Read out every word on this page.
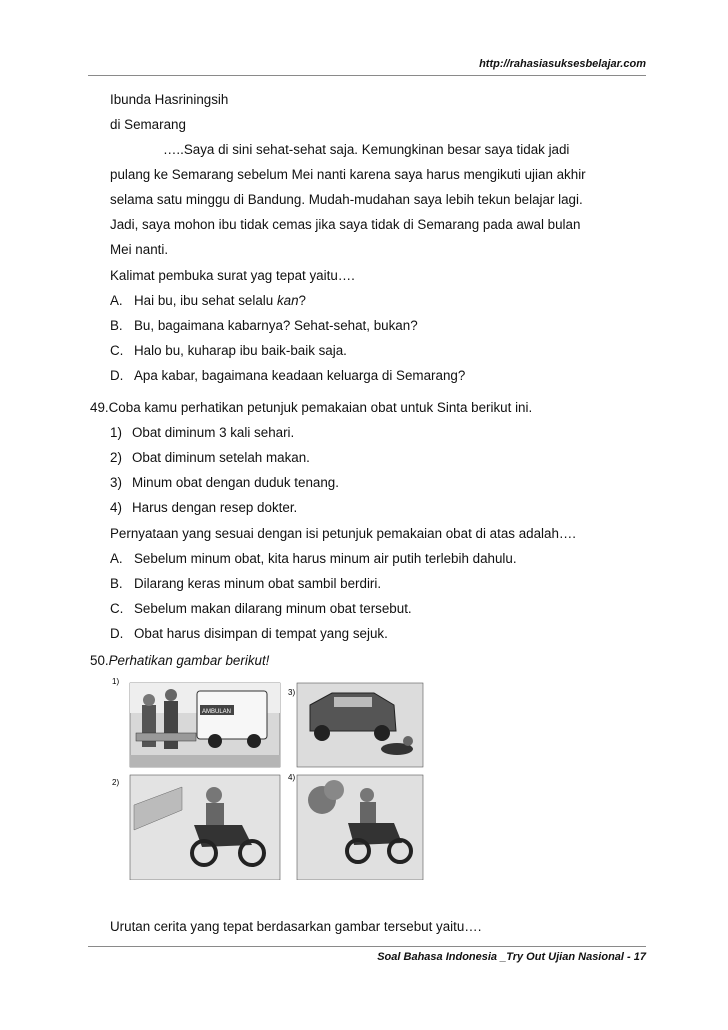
http://rahasiasuksesbelajar.com
Ibunda Hasriningsih
di Semarang
…..Saya di sini sehat-sehat saja. Kemungkinan besar saya tidak jadi
pulang ke Semarang sebelum Mei nanti karena saya harus mengikuti ujian akhir
selama satu minggu di Bandung. Mudah-mudahan saya lebih tekun belajar lagi.
Jadi, saya mohon ibu tidak cemas jika saya tidak di Semarang pada awal bulan
Mei nanti.
Kalimat pembuka surat yag tepat yaitu….
A. Hai bu, ibu sehat selalu kan?
B. Bu, bagaimana kabarnya? Sehat-sehat, bukan?
C. Halo bu, kuharap ibu baik-baik saja.
D. Apa kabar, bagaimana keadaan keluarga di Semarang?
49.Coba kamu perhatikan petunjuk pemakaian obat untuk Sinta berikut ini.
1) Obat diminum 3 kali sehari.
2) Obat diminum setelah makan.
3) Minum obat dengan duduk tenang.
4) Harus dengan resep dokter.
Pernyataan yang sesuai dengan isi petunjuk pemakaian obat di atas adalah….
A. Sebelum minum obat, kita harus minum air putih terlebih dahulu.
B. Dilarang keras minum obat sambil berdiri.
C. Sebelum makan dilarang minum obat tersebut.
D. Obat harus disimpan di tempat yang sejuk.
50.Perhatikan gambar berikut!
1)
AMBULAN
3)
2)
4)
Urutan cerita yang tepat berdasarkan gambar tersebut yaitu….
Soal Bahasa Indonesia _Try Out Ujian Nasional - 17
